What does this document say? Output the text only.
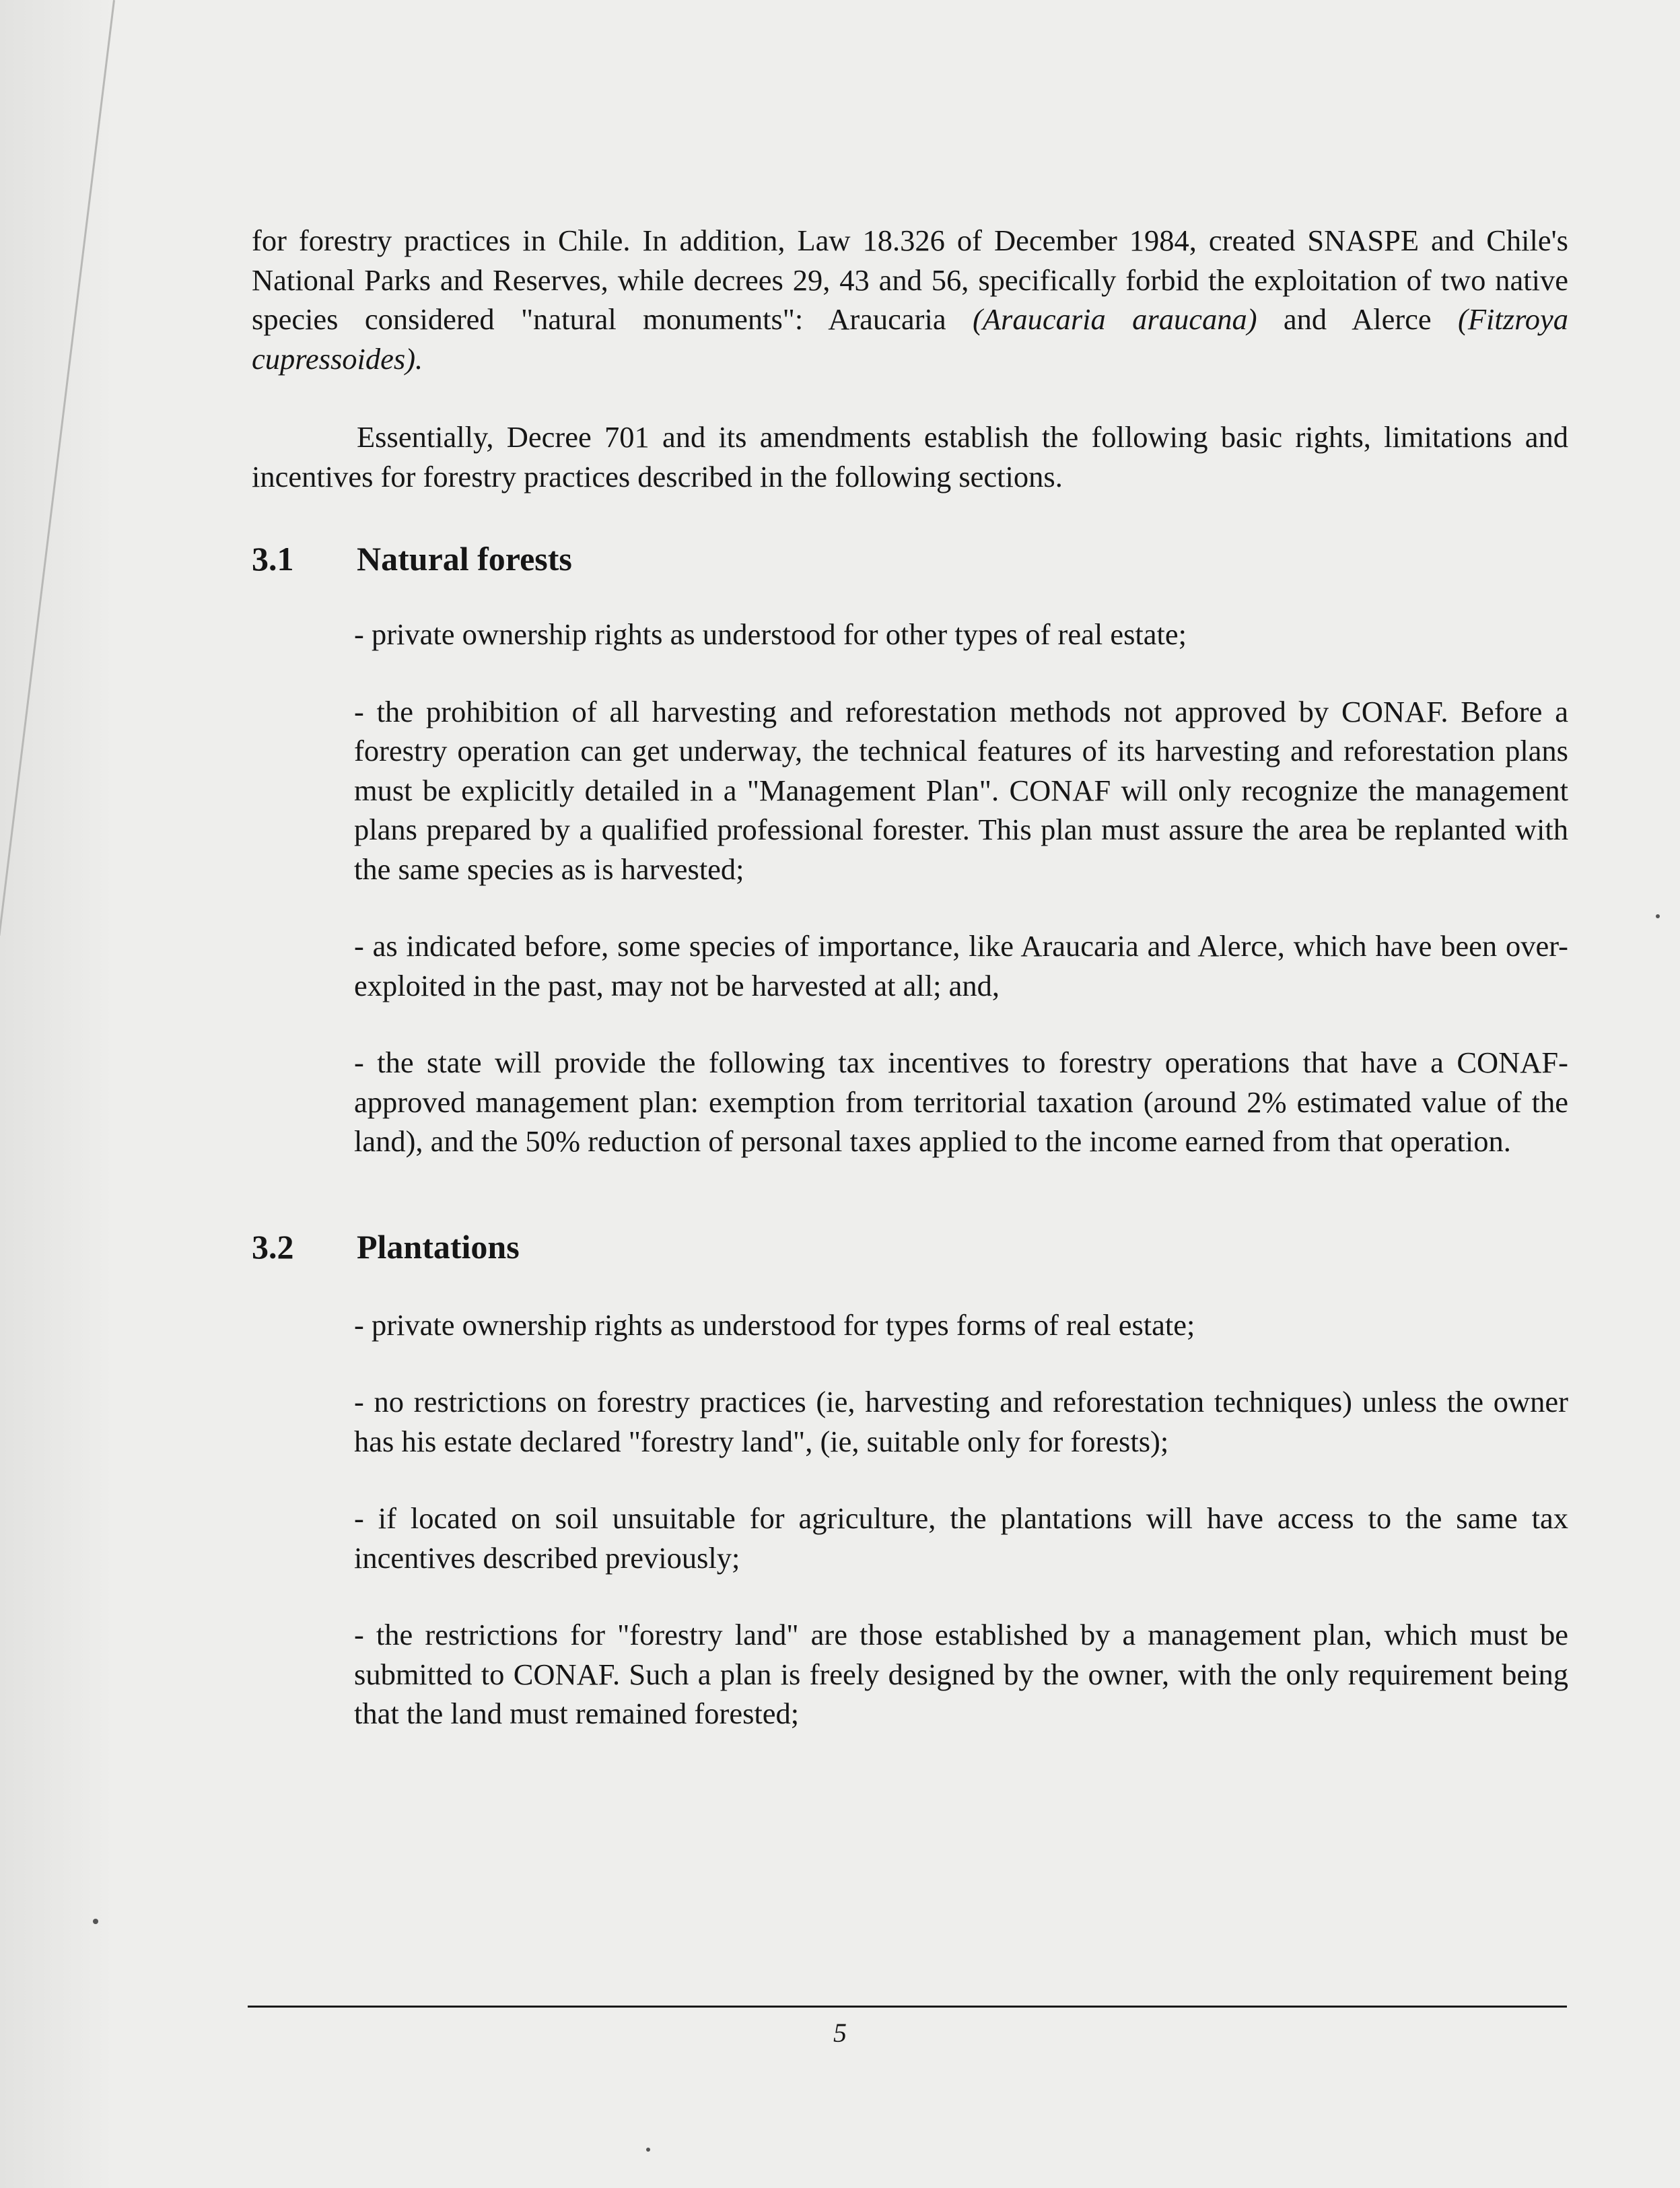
for forestry practices in Chile. In addition, Law 18.326 of December 1984, created SNASPE and Chile's National Parks and Reserves, while decrees 29, 43 and 56, specifically forbid the exploitation of two native species considered "natural monuments": Araucaria (Araucaria araucana) and Alerce (Fitzroya cupressoides).

Essentially, Decree 701 and its amendments establish the following basic rights, limitations and incentives for forestry practices described in the following sections.

3.1	Natural forests

- private ownership rights as understood for other types of real estate;

- the prohibition of all harvesting and reforestation methods not approved by CONAF. Before a forestry operation can get underway, the technical features of its harvesting and reforestation plans must be explicitly detailed in a "Management Plan". CONAF will only recognize the management plans prepared by a qualified professional forester. This plan must assure the area be replanted with the same species as is harvested;

- as indicated before, some species of importance, like Araucaria and Alerce, which have been over-exploited in the past, may not be harvested at all; and,

- the state will provide the following tax incentives to forestry operations that have a CONAF-approved management plan: exemption from territorial taxation (around 2% estimated value of the land), and the 50% reduction of personal taxes applied to the income earned from that operation.

3.2	Plantations

- private ownership rights as understood for types forms of real estate;

- no restrictions on forestry practices (ie, harvesting and reforestation techniques) unless the owner has his estate declared "forestry land", (ie, suitable only for forests);

- if located on soil unsuitable for agriculture, the plantations will have access to the same tax incentives described previously;

- the restrictions for "forestry land" are those established by a management plan, which must be submitted to CONAF. Such a plan is freely designed by the owner, with the only requirement being that the land must remained forested;

5
